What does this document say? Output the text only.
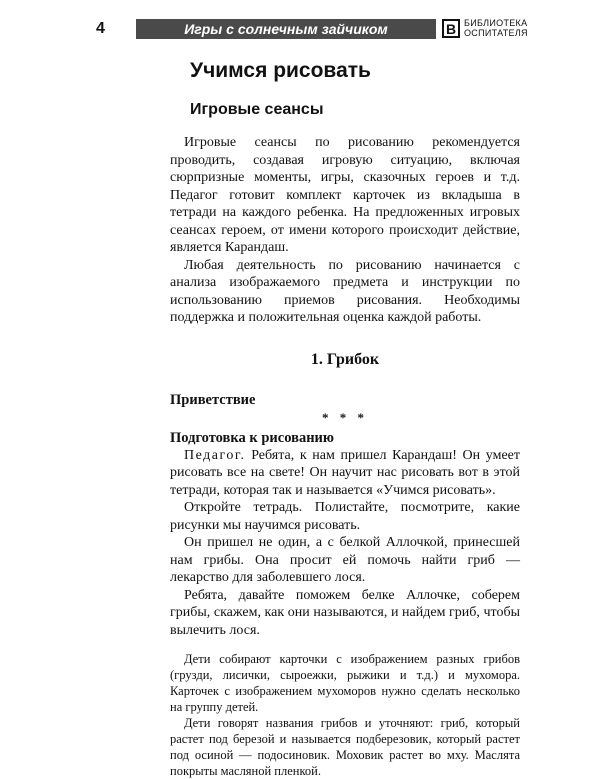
4	Игры с солнечным зайчиком	В БИБЛИОТЕКА
ОСПИТАТЕЛЯ
Учимся рисовать
Игровые сеансы

Игровые сеансы по рисованию рекомендуется проводить, создавая игровую ситуацию, включая сюрпризные моменты, игры, сказочных героев и т.д. Педагог готовит комплект карточек из вкладыша в тетради на каждого ребенка. На предложенных игровых сеансах героем, от имени которого происходит действие, является Карандаш.

Любая деятельность по рисованию начинается с анализа изображаемого предмета и инструкции по использованию приемов рисования. Необходимы поддержка и положительная оценка каждой работы.

1. Грибок
Приветствие
* * *
Подготовка к рисованию

Педагог. Ребята, к нам пришел Карандаш! Он умеет рисовать все на свете! Он научит нас рисовать вот в этой тетради, которая так и называется «Учимся рисовать».

Откройте тетрадь. Полистайте, посмотрите, какие рисунки мы научимся рисовать.

Он пришел не один, а с белкой Аллочкой, принесшей нам грибы. Она просит ей помочь найти гриб — лекарство для заболевшего лося.

Ребята, давайте поможем белке Аллочке, соберем грибы, скажем, как они называются, и найдем гриб, чтобы вылечить лося.

Дети собирают карточки с изображением разных грибов (грузди, лисички, сыроежки, рыжики и т.д.) и мухомора. Карточек с изображением мухоморов нужно сделать несколько на группу детей.

Дети говорят названия грибов и уточняют: гриб, который растет под березой и называется подберезовик, который растет под осиной — подосиновик. Моховик растет во мху. Маслята покрыты масляной пленкой.
